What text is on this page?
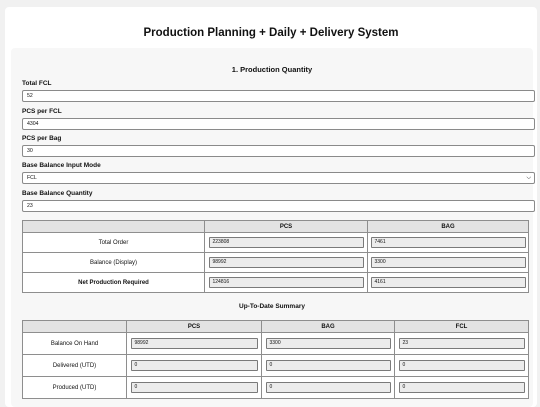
Production Planning + Daily + Delivery System
1. Production Quantity
Total FCL
52
PCS per FCL
4304
PCS per Bag
30
Base Balance Input Mode
FCL	⌵
Base Balance Quantity
23
	PCS	BAG
Total Order	223808	7461

Balance (Display)	98992	3300

Net Production Required	124816	4161
Up-To-Date Summary
	PCS	BAG	FCL
Balance On Hand	98992	3300	23

Delivered (UTD)	0	0	0

Produced (UTD)	0	0	0
